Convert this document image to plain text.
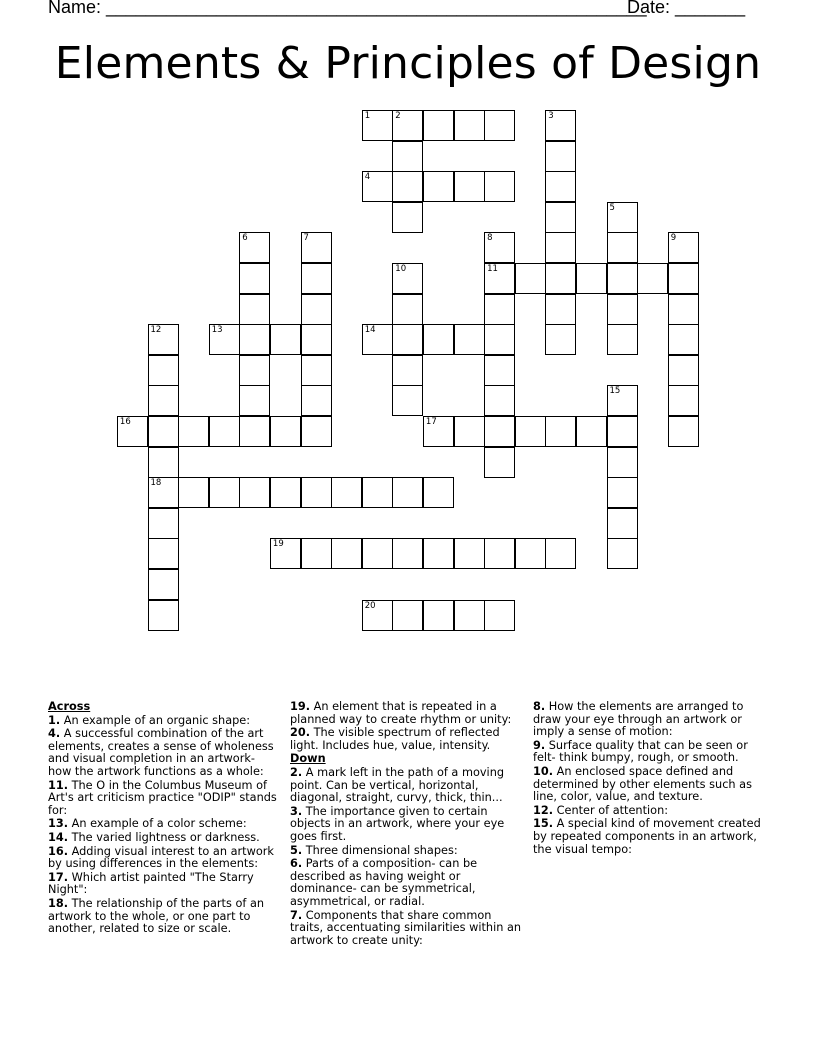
Name: ______________________________________________________
Date: _______
Elements & Principles of Design
1	2	3
4
5
6	7	8
11
9
10
12
18
13	14
15
16	17
19
20
Across
1. An example of an organic shape:
4. A successful combination of the art elements, creates a sense of wholeness and visual completion in an artwork- how the artwork functions as a whole:
11. The O in the Columbus Museum of Art's art criticism practice "ODIP" stands for:
13. An example of a color scheme:
14. The varied lightness or darkness.
16. Adding visual interest to an artwork by using differences in the elements:
17. Which artist painted "The Starry Night":
18. The relationship of the parts of an artwork to the whole, or one part to another, related to size or scale.
19. An element that is repeated in a planned way to create rhythm or unity:
20. The visible spectrum of reflected light. Includes hue, value, intensity.
Down
2. A mark left in the path of a moving point. Can be vertical, horizontal, diagonal, straight, curvy, thick, thin...
3. The importance given to certain objects in an artwork, where your eye goes first.
5. Three dimensional shapes:
6. Parts of a composition- can be described as having weight or dominance- can be symmetrical, asymmetrical, or radial.
7. Components that share common traits, accentuating similarities within an artwork to create unity:
8. How the elements are arranged to draw your eye through an artwork or imply a sense of motion:
9. Surface quality that can be seen or felt- think bumpy, rough, or smooth.
10. An enclosed space defined and determined by other elements such as line, color, value, and texture.
12. Center of attention:
15. A special kind of movement created by repeated components in an artwork, the visual tempo:
